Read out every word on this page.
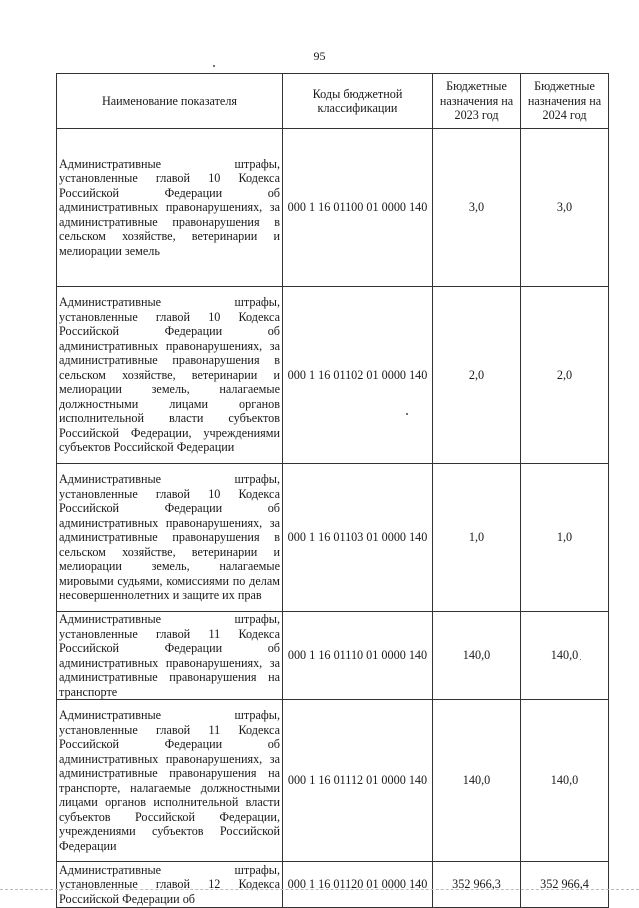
95
Наименование показателя	Коды бюджетной классификации	Бюджетные назначения на 2023 год	Бюджетные назначения на 2024 год
Административные штрафы, установленные главой 10 Кодекса Российской Федерации об административных правонарушениях, за административные правонарушения в сельском хозяйстве, ветеринарии и мелиорации земель	000 1 16 01100 01 0000 140	3,0	3,0
Административные штрафы, установленные главой 10 Кодекса Российской Федерации об административных правонарушениях, за административные правонарушения в сельском хозяйстве, ветеринарии и мелиорации земель, налагаемые должностными лицами органов исполнительной власти субъектов Российской Федерации, учреждениями субъектов Российской Федерации	000 1 16 01102 01 0000 140	2,0	2,0
Административные штрафы, установленные главой 10 Кодекса Российской Федерации об административных правонарушениях, за административные правонарушения в сельском хозяйстве, ветеринарии и мелиорации земель, налагаемые мировыми судьями, комиссиями по делам несовершеннолетних и защите их прав	000 1 16 01103 01 0000 140	1,0	1,0
Административные штрафы, установленные главой 11 Кодекса Российской Федерации об административных правонарушениях, за административные правонарушения на транспорте	000 1 16 01110 01 0000 140	140,0	140,0
Административные штрафы, установленные главой 11 Кодекса Российской Федерации об административных правонарушениях, за административные правонарушения на транспорте, налагаемые должностными лицами органов исполнительной власти субъектов Российской Федерации, учреждениями субъектов Российской Федерации	000 1 16 01112 01 0000 140	140,0	140,0
Административные штрафы, установленные главой 12 Кодекса Российской Федерации об	000 1 16 01120 01 0000 140	352 966,3	352 966,4
